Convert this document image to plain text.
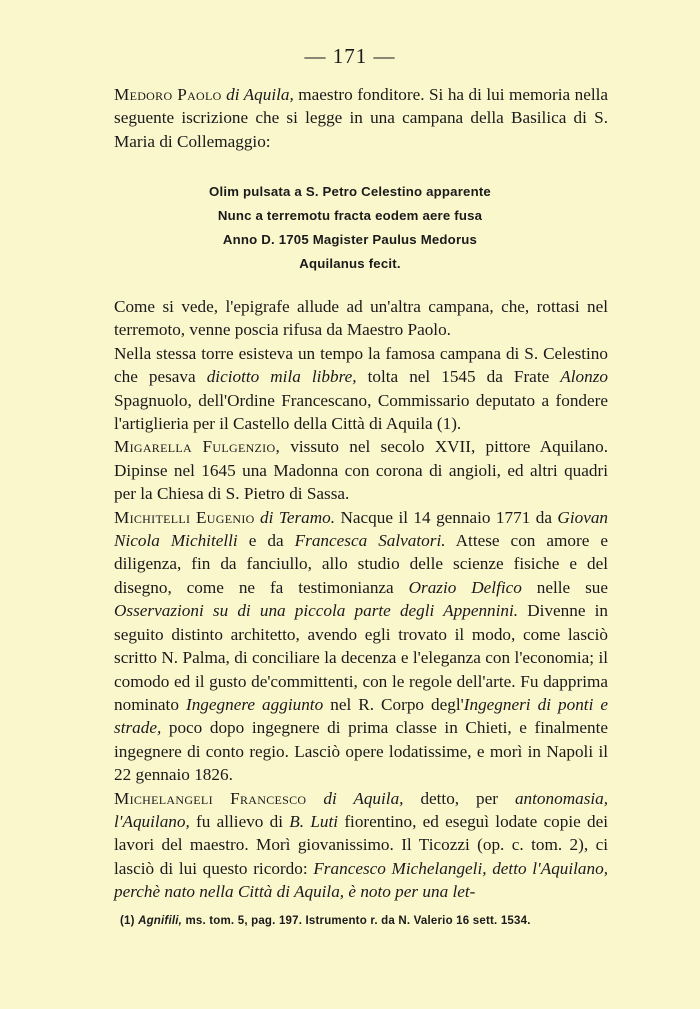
— 171 —

Medoro Paolo di Aquila, maestro fonditore. Si ha di lui memoria nella seguente iscrizione che si legge in una campana della Basilica di S. Maria di Collemaggio:

Olim pulsata a S. Petro Celestino apparente
Nunc a terremotu fracta eodem aere fusa
Anno D. 1705 Magister Paulus Medorus
Aquilanus fecit.

Come si vede, l'epigrafe allude ad un'altra campana, che, rottasi nel terremoto, venne poscia rifusa da Maestro Paolo.

Nella stessa torre esisteva un tempo la famosa campana di S. Celestino che pesava diciotto mila libbre, tolta nel 1545 da Frate Alonzo Spagnuolo, dell'Ordine Francescano, Commissario deputato a fondere l'artiglieria per il Castello della Città di Aquila (1).

Migarella Fulgenzio, vissuto nel secolo XVII, pittore Aquilano. Dipinse nel 1645 una Madonna con corona di angioli, ed altri quadri per la Chiesa di S. Pietro di Sassa.

Michitelli Eugenio di Teramo. Nacque il 14 gennaio 1771 da Giovan Nicola Michitelli e da Francesca Salvatori. Attese con amore e diligenza, fin da fanciullo, allo studio delle scienze fisiche e del disegno, come ne fa testimonianza Orazio Delfico nelle sue Osservazioni su di una piccola parte degli Appennini. Divenne in seguito distinto architetto, avendo egli trovato il modo, come lasciò scritto N. Palma, di conciliare la decenza e l'eleganza con l'economia; il comodo ed il gusto de'committenti, con le regole dell'arte. Fu dapprima nominato Ingegnere aggiunto nel R. Corpo degl'Ingegneri di ponti e strade, poco dopo ingegnere di prima classe in Chieti, e finalmente ingegnere di conto regio. Lasciò opere lodatissime, e morì in Napoli il 22 gennaio 1826.

Michelangeli Francesco di Aquila, detto, per antonomasia, l'Aquilano, fu allievo di B. Luti fiorentino, ed eseguì lodate copie dei lavori del maestro. Morì giovanissimo. Il Ticozzi (op. c. tom. 2), ci lasciò di lui questo ricordo: Francesco Michelangeli, detto l'Aquilano, perchè nato nella Città di Aquila, è noto per una let-

(1) Agnifili, ms. tom. 5, pag. 197. Istrumento r. da N. Valerio 16 sett. 1534.
